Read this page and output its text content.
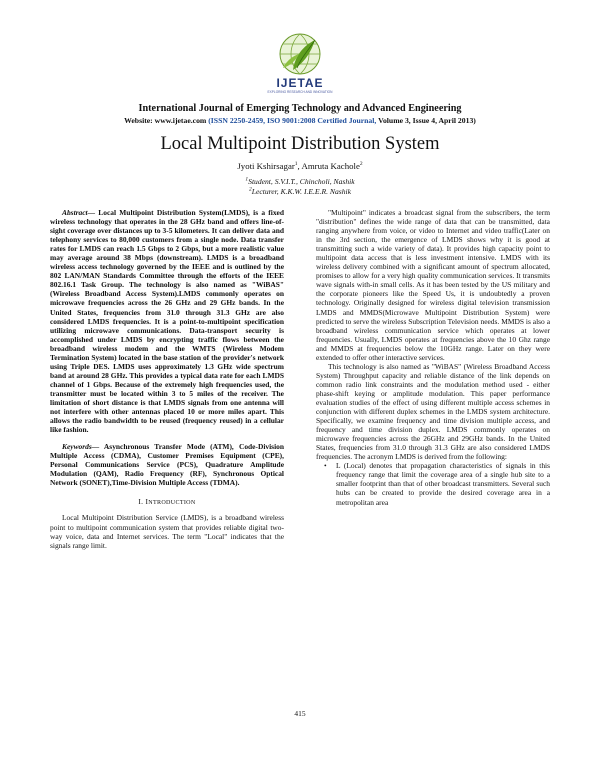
IJETAE
EXPLORING RESEARCH AND INNOVATION
International Journal of Emerging Technology and Advanced Engineering
Website: www.ijetae.com (ISSN 2250-2459, ISO 9001:2008 Certified Journal, Volume 3, Issue 4, April 2013)
Local Multipoint Distribution System
Jyoti Kshirsagar$^1$, Amruta Kachole$^2$
$^1$Student, S.V.I.T., Chincholi, Nashik
$^2$Lecturer, K.K.W. I.E.E.R. Nashik

Abstract— Local Multipoint Distribution System(LMDS), is a fixed wireless technology that operates in the 28 GHz band and offers line-of-sight coverage over distances up to 3-5 kilometers. It can deliver data and telephony services to 80,000 customers from a single node. Data transfer rates for LMDS can reach 1.5 Gbps to 2 Gbps, but a more realistic value may average around 38 Mbps (downstream). LMDS is a broadband wireless access technology governed by the IEEE and is outlined by the 802 LAN/MAN Standards Committee through the efforts of the IEEE 802.16.1 Task Group. The technology is also named as "WiBAS" (Wireless Broadband Access System).LMDS commonly operates on microwave frequencies across the 26 GHz and 29 GHz bands. In the United States, frequencies from 31.0 through 31.3 GHz are also considered LMDS frequencies. It is a point-to-multipoint specification utilizing microwave communications. Data-transport security is accomplished under LMDS by encrypting traffic flows between the broadband wireless modem and the WMTS (Wireless Modem Termination System) located in the base station of the provider's network using Triple DES. LMDS uses approximately 1.3 GHz wide spectrum band at around 28 GHz. This provides a typical data rate for each LMDS channel of 1 Gbps. Because of the extremely high frequencies used, the transmitter must be located within 3 to 5 miles of the receiver. The limitation of short distance is that LMDS signals from one antenna will not interfere with other antennas placed 10 or more miles apart. This allows the radio bandwidth to be reused (frequency reused) in a cellular like fashion.

Keywords— Asynchronous Transfer Mode (ATM), Code-Division Multiple Access (CDMA), Customer Premises Equipment (CPE), Personal Communications Service (PCS), Quadrature Amplitude Modulation (QAM), Radio Frequency (RF), Synchronous Optical Network (SONET),Time-Division Multiple Access (TDMA).

I. INTRODUCTION

Local Multipoint Distribution Service (LMDS), is a broadband wireless point to multipoint communication system that provides reliable digital two-way voice, data and Internet services. The term "Local" indicates that the signals range limit.

"Multipoint" indicates a broadcast signal from the subscribers, the term "distribution" defines the wide range of data that can be transmitted, data ranging anywhere from voice, or video to Internet and video traffic(Later on in the 3rd section, the emergence of LMDS shows why it is good at transmitting such a wide variety of data). It provides high capacity point to multipoint data access that is less investment intensive. LMDS with its wireless delivery combined with a significant amount of spectrum allocated, promises to allow for a very high quality communication services. It transmits wave signals with-in small cells. As it has been tested by the US military and the corporate pioneers like the Speed Us, it is undoubtedly a proven technology. Originally designed for wireless digital television transmission LMDS and MMDS(Microwave Multipoint Distribution System) were predicted to serve the wireless Subscription Television needs. MMDS is also a broadband wireless communication service which operates at lower frequencies. Usually, LMDS operates at frequencies above the 10 Ghz range and MMDS at frequencies below the 10GHz range. Later on they were extended to offer other interactive services.

This technology is also named as "WiBAS" (Wireless Broadband Access System) Throughput capacity and reliable distance of the link depends on common radio link constraints and the modulation method used - either phase-shift keying or amplitude modulation. This paper performance evaluation studies of the effect of using different multiple access schemes in conjunction with different duplex schemes in the LMDS system architecture. Specifically, we examine frequency and time division multiple access, and frequency and time division duplex. LMDS commonly operates on microwave frequencies across the 26GHz and 29GHz bands. In the United States, frequencies from 31.0 through 31.3 GHz are also considered LMDS frequencies. The acronym LMDS is derived from the following:

• L (Local) denotes that propagation characteristics of signals in this frequency range that limit the coverage area of a single hub site to a smaller footprint than that of other broadcast transmitters. Several such hubs can be created to provide the desired coverage area in a metropolitan area

415
